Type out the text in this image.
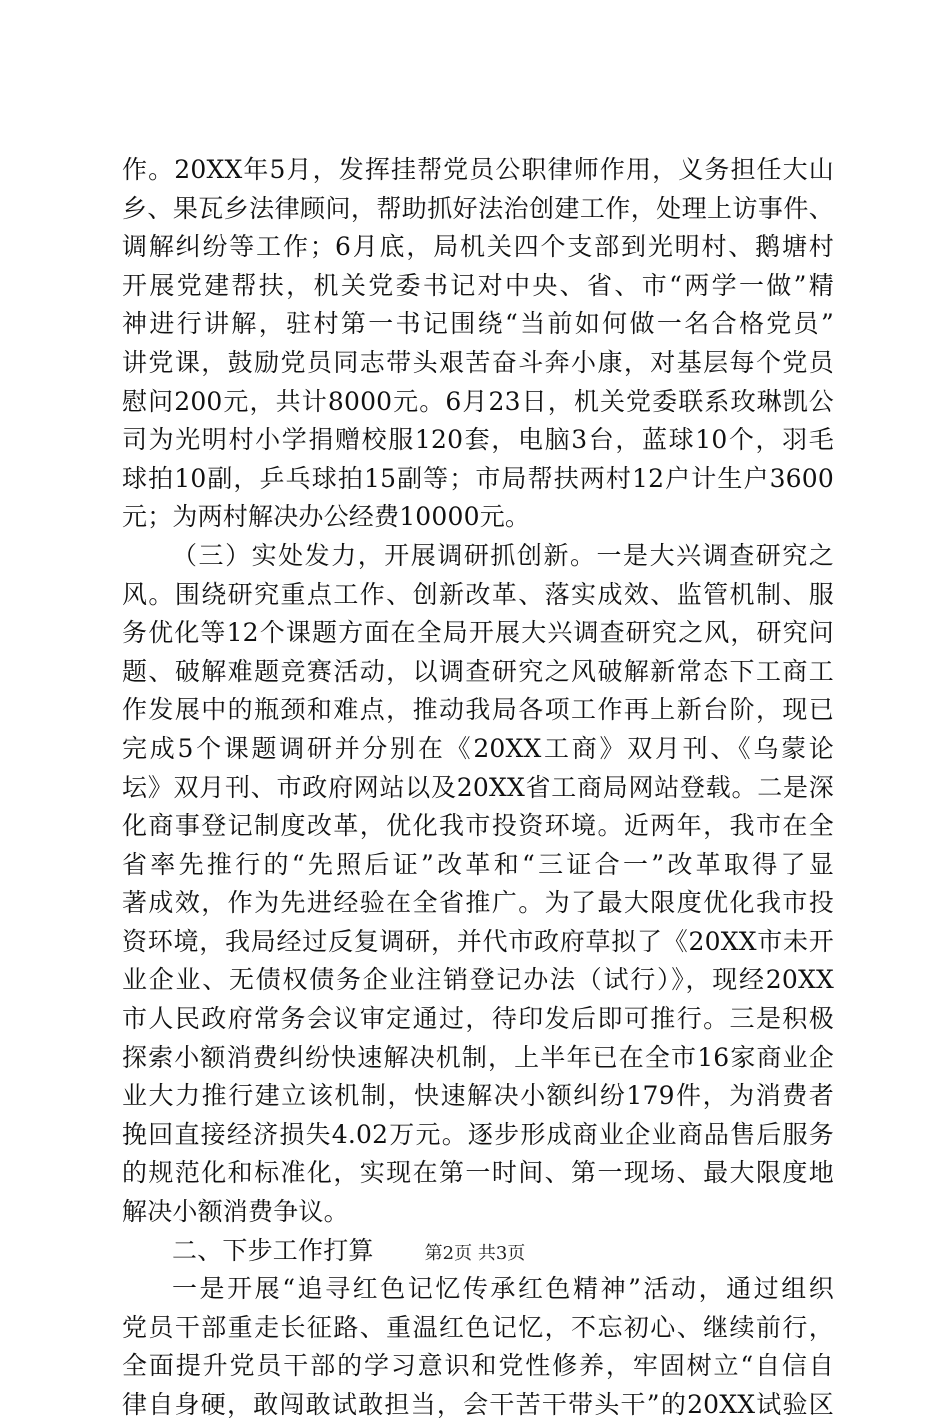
作。20XX年5月，发挥挂帮党员公职律师作用，义务担任大山
乡、果瓦乡法律顾问，帮助抓好法治创建工作，处理上访事件、
调解纠纷等工作；6月底，局机关四个支部到光明村、鹅塘村
开展党建帮扶，机关党委书记对中央、省、市“两学一做”精
神进行讲解，驻村第一书记围绕“当前如何做一名合格党员”
讲党课，鼓励党员同志带头艰苦奋斗奔小康，对基层每个党员
慰问200元，共计8000元。6月23日，机关党委联系玫琳凯公
司为光明村小学捐赠校服120套，电脑3台，蓝球10个，羽毛
球拍10副，乒乓球拍15副等；市局帮扶两村12户计生户3600
元；为两村解决办公经费10000元。
（三）实处发力，开展调研抓创新。一是大兴调查研究之
风。围绕研究重点工作、创新改革、落实成效、监管机制、服
务优化等12个课题方面在全局开展大兴调查研究之风，研究问
题、破解难题竞赛活动，以调查研究之风破解新常态下工商工
作发展中的瓶颈和难点，推动我局各项工作再上新台阶，现已
完成5个课题调研并分别在《20XX工商》双月刊、《乌蒙论
坛》双月刊、市政府网站以及20XX省工商局网站登载。二是深
化商事登记制度改革，优化我市投资环境。近两年，我市在全
省率先推行的“先照后证”改革和“三证合一”改革取得了显
著成效，作为先进经验在全省推广。为了最大限度优化我市投
资环境，我局经过反复调研，并代市政府草拟了《20XX市未开
业企业、无债权债务企业注销登记办法（试行）》，现经20XX
市人民政府常务会议审定通过，待印发后即可推行。三是积极
探索小额消费纠纷快速解决机制，上半年已在全市16家商业企
业大力推行建立该机制，快速解决小额纠纷179件，为消费者
挽回直接经济损失4.02万元。逐步形成商业企业商品售后服务
的规范化和标准化，实现在第一时间、第一现场、最大限度地
解决小额消费争议。
二、下步工作打算
一是开展“追寻红色记忆传承红色精神”活动，通过组织
党员干部重走长征路、重温红色记忆，不忘初心、继续前行，
全面提升党员干部的学习意识和党性修养，牢固树立“自信自
律自身硬，敢闯敢试敢担当，会干苦干带头干”的20XX试验区
第2页 共3页
